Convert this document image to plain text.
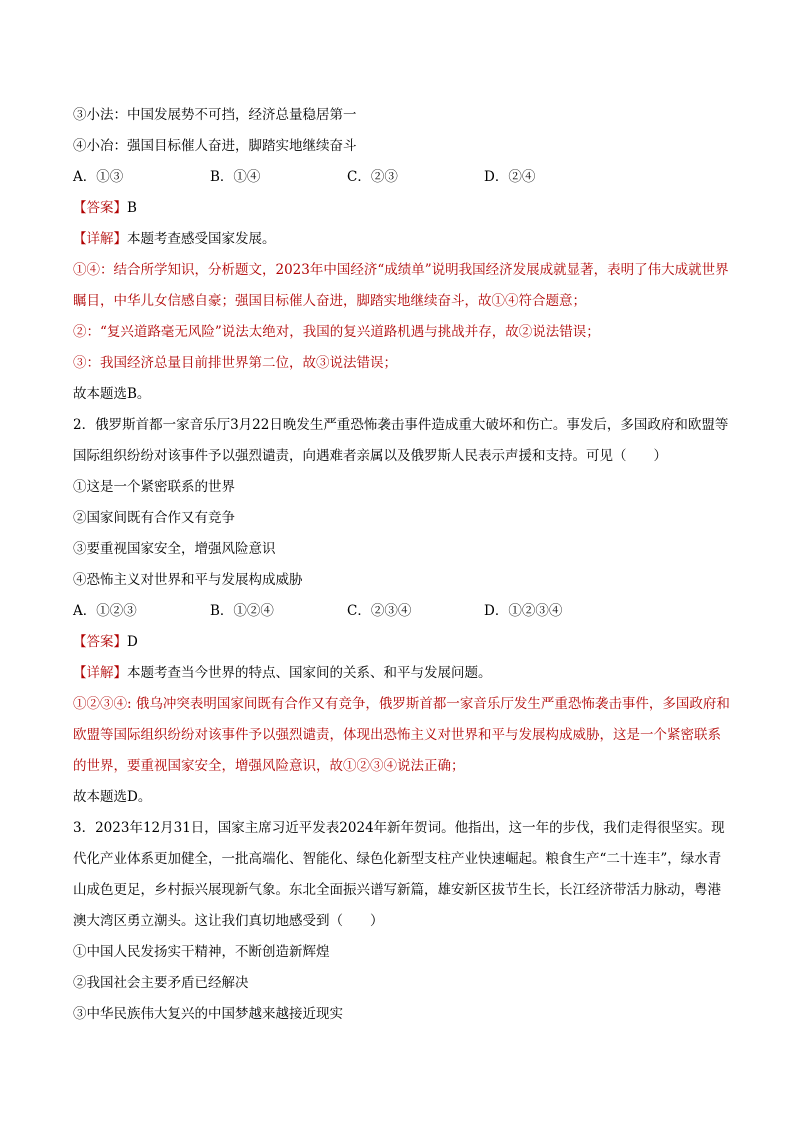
③小法：中国发展势不可挡，经济总量稳居第一
④小冶：强国目标催人奋进，脚踏实地继续奋斗
A．①③	B．①④	C．②③	D．②④
【答案】B
【详解】本题考查感受国家发展。
①④：结合所学知识，分析题文，2023年中国经济“成绩单”说明我国经济发展成就显著，表明了伟大成就世界瞩目，中华儿女信感自豪；强国目标催人奋进，脚踏实地继续奋斗，故①④符合题意；
②：“复兴道路毫无风险”说法太绝对，我国的复兴道路机遇与挑战并存，故②说法错误；
③：我国经济总量目前排世界第二位，故③说法错误；
故本题选B。
2．俄罗斯首都一家音乐厅3月22日晚发生严重恐怖袭击事件造成重大破坏和伤亡。事发后，多国政府和欧盟等国际组织纷纷对该事件予以强烈谴责，向遇难者亲属以及俄罗斯人民表示声援和支持。可见（　　）
①这是一个紧密联系的世界
②国家间既有合作又有竞争
③要重视国家安全，增强风险意识
④恐怖主义对世界和平与发展构成威胁
A．①②③	B．①②④	C．②③④	D．①②③④
【答案】D
【详解】本题考查当今世界的特点、国家间的关系、和平与发展问题。
①②③④: 俄乌冲突表明国家间既有合作又有竞争，俄罗斯首都一家音乐厅发生严重恐怖袭击事件，多国政府和欧盟等国际组织纷纷对该事件予以强烈谴责，体现出恐怖主义对世界和平与发展构成威胁，这是一个紧密联系的世界，要重视国家安全，增强风险意识，故①②③④说法正确；
故本题选D。
3．2023年12月31日，国家主席习近平发表2024年新年贺词。他指出，这一年的步伐，我们走得很坚实。现代化产业体系更加健全，一批高端化、智能化、绿色化新型支柱产业快速崛起。粮食生产“二十连丰”，绿水青山成色更足，乡村振兴展现新气象。东北全面振兴谱写新篇，雄安新区拔节生长，长江经济带活力脉动，粤港澳大湾区勇立潮头。这让我们真切地感受到（　　）
①中国人民发扬实干精神，不断创造新辉煌
②我国社会主要矛盾已经解决
③中华民族伟大复兴的中国梦越来越接近现实
